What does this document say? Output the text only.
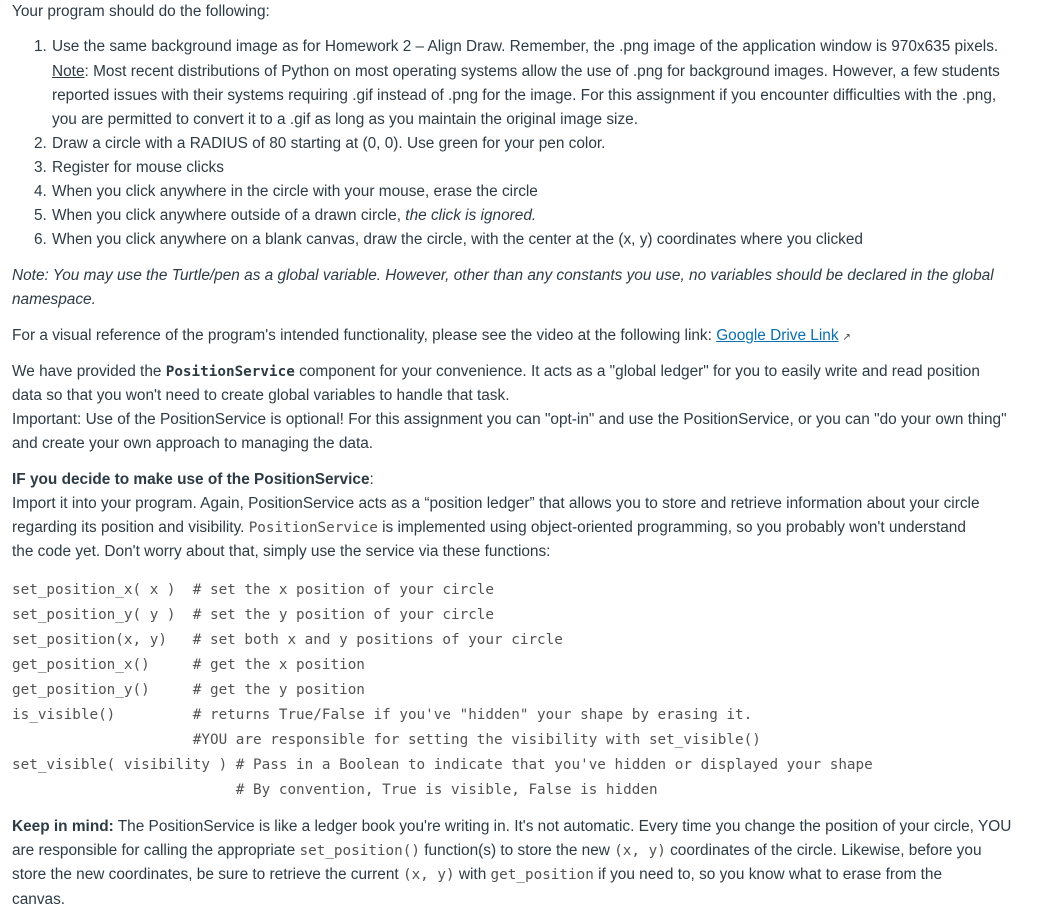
Your program should do the following:
1. Use the same background image as for Homework 2 – Align Draw. Remember, the .png image of the application window is 970x635 pixels.
Note: Most recent distributions of Python on most operating systems allow the use of .png for background images. However, a few students
reported issues with their systems requiring .gif instead of .png for the image. For this assignment if you encounter difficulties with the .png,
you are permitted to convert it to a .gif as long as you maintain the original image size.
2. Draw a circle with a RADIUS of 80 starting at (0, 0). Use green for your pen color.
3. Register for mouse clicks
4. When you click anywhere in the circle with your mouse, erase the circle
5. When you click anywhere outside of a drawn circle, the click is ignored.
6. When you click anywhere on a blank canvas, draw the circle, with the center at the (x, y) coordinates where you clicked
Note: You may use the Turtle/pen as a global variable. However, other than any constants you use, no variables should be declared in the global
namespace.
For a visual reference of the program's intended functionality, please see the video at the following link: Google Drive Link ↗
We have provided the PositionService component for your convenience. It acts as a "global ledger" for you to easily write and read position
data so that you won't need to create global variables to handle that task.
Important: Use of the PositionService is optional! For this assignment you can "opt-in" and use the PositionService, or you can "do your own thing"
and create your own approach to managing the data.
IF you decide to make use of the PositionService:
Import it into your program. Again, PositionService acts as a “position ledger” that allows you to store and retrieve information about your circle
regarding its position and visibility. PositionService is implemented using object-oriented programming, so you probably won't understand
the code yet. Don't worry about that, simply use the service via these functions:
set_position_x( x )  # set the x position of your circle
set_position_y( y )  # set the y position of your circle
set_position(x, y)   # set both x and y positions of your circle
get_position_x()     # get the x position
get_position_y()     # get the y position
is_visible()         # returns True/False if you've "hidden" your shape by erasing it.
#YOU are responsible for setting the visibility with set_visible()
set_visible( visibility ) # Pass in a Boolean to indicate that you've hidden or displayed your shape
# By convention, True is visible, False is hidden
Keep in mind: The PositionService is like a ledger book you're writing in. It's not automatic. Every time you change the position of your circle, YOU
are responsible for calling the appropriate set_position() function(s) to store the new (x, y) coordinates of the circle. Likewise, before you
store the new coordinates, be sure to retrieve the current (x, y) with get_position if you need to, so you know what to erase from the
canvas.
